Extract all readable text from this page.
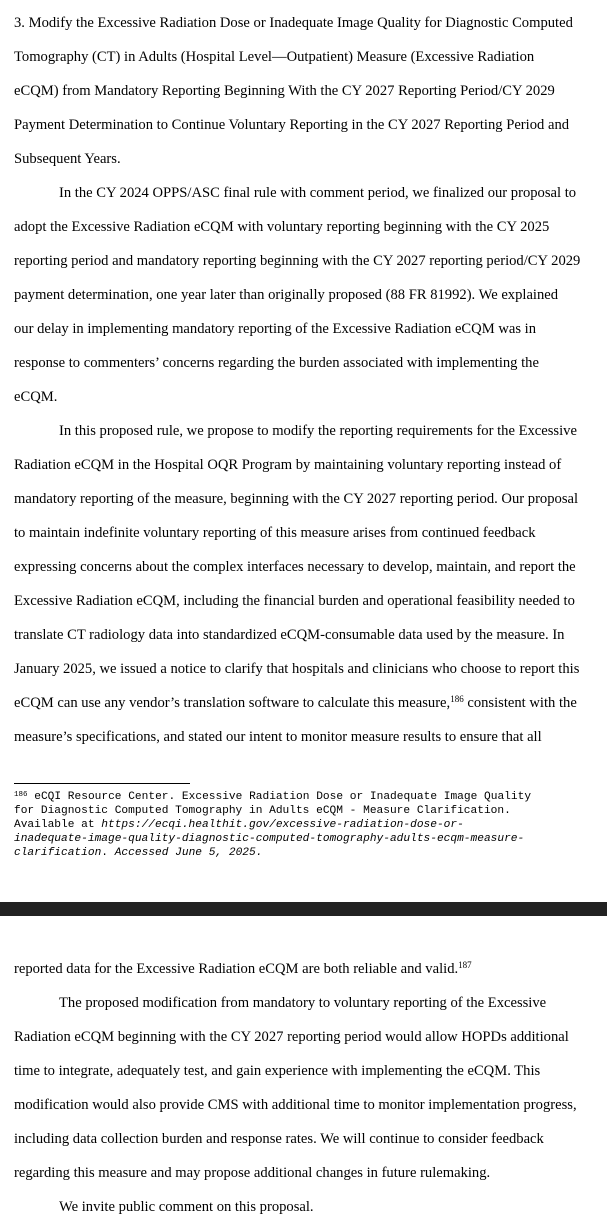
3. Modify the Excessive Radiation Dose or Inadequate Image Quality for Diagnostic Computed

Tomography (CT) in Adults (Hospital Level—Outpatient) Measure (Excessive Radiation

eCQM) from Mandatory Reporting Beginning With the CY 2027 Reporting Period/CY 2029

Payment Determination to Continue Voluntary Reporting in the CY 2027 Reporting Period and

Subsequent Years.

In the CY 2024 OPPS/ASC final rule with comment period, we finalized our proposal to

adopt the Excessive Radiation eCQM with voluntary reporting beginning with the CY 2025

reporting period and mandatory reporting beginning with the CY 2027 reporting period/CY 2029

payment determination, one year later than originally proposed (88 FR 81992). We explained

our delay in implementing mandatory reporting of the Excessive Radiation eCQM was in

response to commenters’ concerns regarding the burden associated with implementing the

eCQM.

In this proposed rule, we propose to modify the reporting requirements for the Excessive

Radiation eCQM in the Hospital OQR Program by maintaining voluntary reporting instead of

mandatory reporting of the measure, beginning with the CY 2027 reporting period. Our proposal

to maintain indefinite voluntary reporting of this measure arises from continued feedback

expressing concerns about the complex interfaces necessary to develop, maintain, and report the

Excessive Radiation eCQM, including the financial burden and operational feasibility needed to

translate CT radiology data into standardized eCQM-consumable data used by the measure. In

January 2025, we issued a notice to clarify that hospitals and clinicians who choose to report this

eCQM can use any vendor’s translation software to calculate this measure,$^{186}$ consistent with the

measure’s specifications, and stated our intent to monitor measure results to ensure that all

$^{186}$ eCQI Resource Center. Excessive Radiation Dose or Inadequate Image Quality
for Diagnostic Computed Tomography in Adults eCQM - Measure Clarification.
Available at https://ecqi.healthit.gov/excessive-radiation-dose-or-
inadequate-image-quality-diagnostic-computed-tomography-adults-ecqm-measure-
clarification. Accessed June 5, 2025.

reported data for the Excessive Radiation eCQM are both reliable and valid.$^{187}$

The proposed modification from mandatory to voluntary reporting of the Excessive

Radiation eCQM beginning with the CY 2027 reporting period would allow HOPDs additional

time to integrate, adequately test, and gain experience with implementing the eCQM. This

modification would also provide CMS with additional time to monitor implementation progress,

including data collection burden and response rates. We will continue to consider feedback

regarding this measure and may propose additional changes in future rulemaking.

We invite public comment on this proposal.
